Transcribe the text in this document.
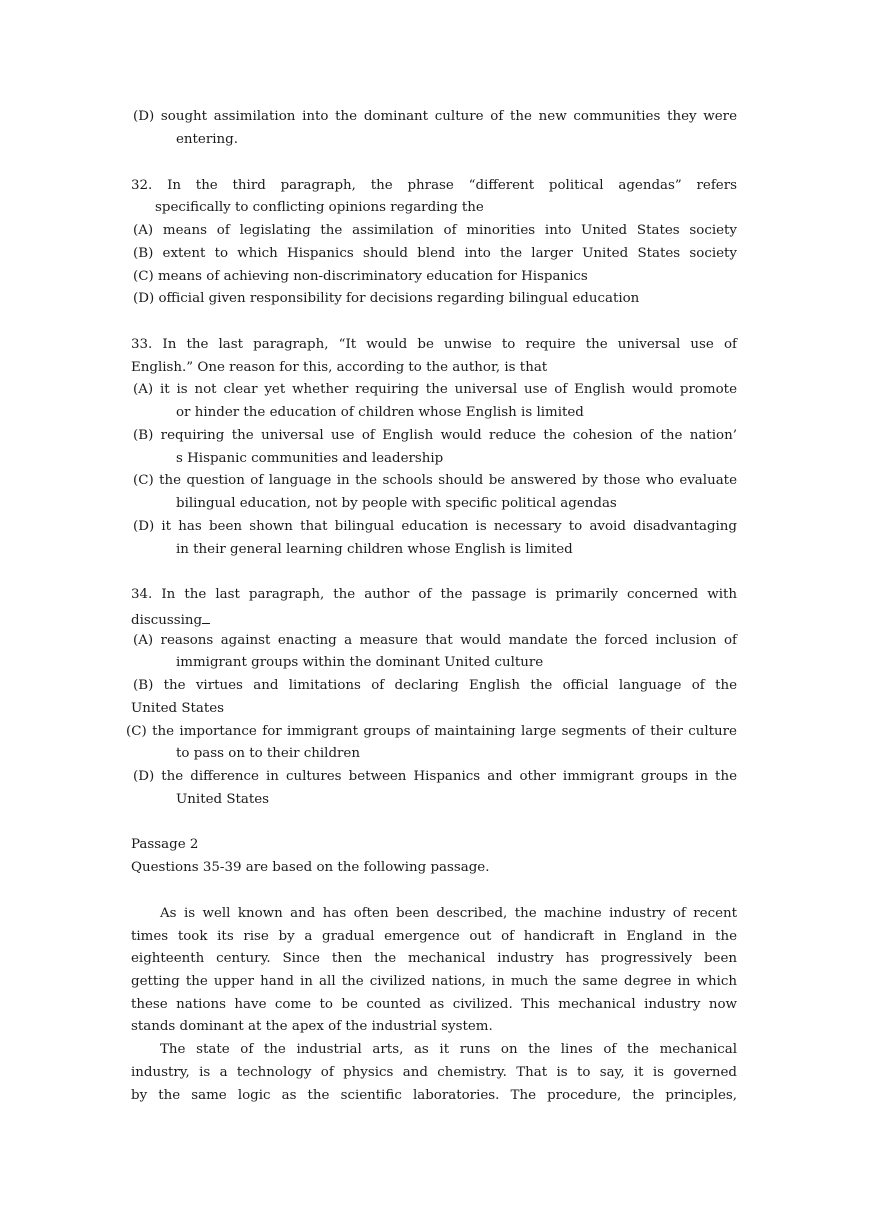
(D) sought assimilation into the dominant culture of the new communities they were
entering.
32. In the third paragraph, the phrase “different political agendas” refers
specifically to conflicting opinions regarding the
(A) means of legislating the assimilation of minorities into United States society
(B) extent to which Hispanics should blend into the larger United States society
(C) means of achieving non-discriminatory education for Hispanics
(D) official given responsibility for decisions regarding bilingual education
33. In the last paragraph, “It would be unwise to require the universal use of
English.” One reason for this, according to the author, is that
(A) it is not clear yet whether requiring the universal use of English would promote
or hinder the education of children whose English is limited
(B) requiring the universal use of English would reduce the cohesion of the nation’
s Hispanic communities and leadership
(C) the question of language in the schools should be answered by those who evaluate
bilingual education, not by people with specific political agendas
(D) it has been shown that bilingual education is necessary to avoid disadvantaging
in their general learning children whose English is limited
34. In the last paragraph, the author of the passage is primarily concerned with
discussing
(A) reasons against enacting a measure that would mandate the forced inclusion of
immigrant groups within the dominant United culture
(B) the virtues and limitations of declaring English the official language of the
United States
(C) the importance for immigrant groups of maintaining large segments of their culture
to pass on to their children
(D) the difference in cultures between Hispanics and other immigrant groups in the
United States
Passage 2
Questions 35-39 are based on the following passage.
As is well known and has often been described, the machine industry of recent
times took its rise by a gradual emergence out of handicraft in England in the
eighteenth century. Since then the mechanical industry has progressively been
getting the upper hand in all the civilized nations, in much the same degree in which
these nations have come to be counted as civilized. This mechanical industry now
stands dominant at the apex of the industrial system.
The state of the industrial arts, as it runs on the lines of the mechanical
industry, is a technology of physics and chemistry. That is to say, it is governed
by the same logic as the scientific laboratories. The procedure, the principles,
